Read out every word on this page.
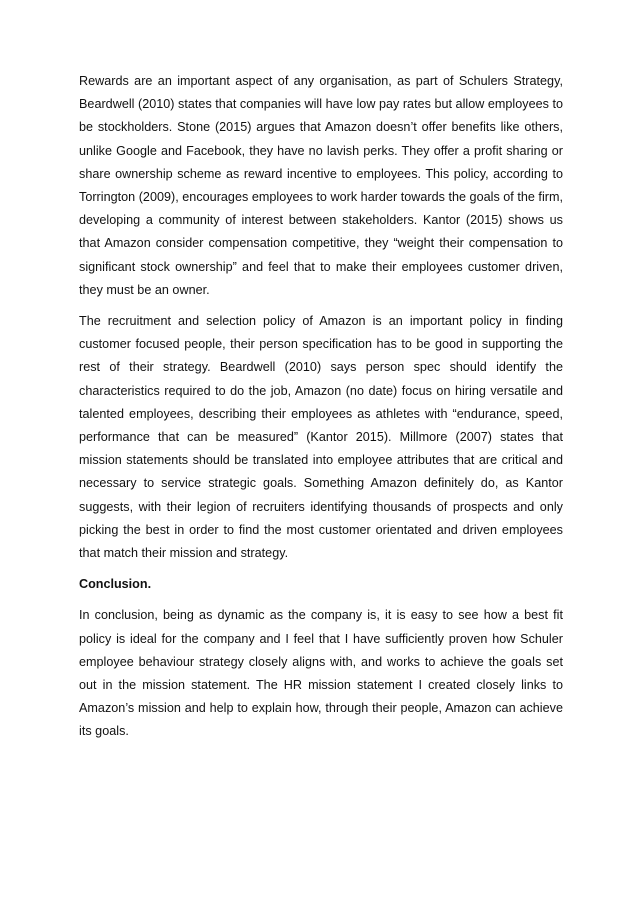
Rewards are an important aspect of any organisation, as part of Schulers Strategy, Beardwell (2010) states that companies will have low pay rates but allow employees to be stockholders. Stone (2015) argues that Amazon doesn’t offer benefits like others, unlike Google and Facebook, they have no lavish perks. They offer a profit sharing or share ownership scheme as reward incentive to employees. This policy, according to Torrington (2009), encourages employees to work harder towards the goals of the firm, developing a community of interest between stakeholders. Kantor (2015) shows us that Amazon consider compensation competitive, they “weight their compensation to significant stock ownership” and feel that to make their employees customer driven, they must be an owner.

The recruitment and selection policy of Amazon is an important policy in finding customer focused people, their person specification has to be good in supporting the rest of their strategy. Beardwell (2010) says person spec should identify the characteristics required to do the job, Amazon (no date) focus on hiring versatile and talented employees, describing their employees as athletes with “endurance, speed, performance that can be measured” (Kantor 2015). Millmore (2007) states that mission statements should be translated into employee attributes that are critical and necessary to service strategic goals. Something Amazon definitely do, as Kantor suggests, with their legion of recruiters identifying thousands of prospects and only picking the best in order to find the most customer orientated and driven employees that match their mission and strategy.

Conclusion.

In conclusion, being as dynamic as the company is, it is easy to see how a best fit policy is ideal for the company and I feel that I have sufficiently proven how Schuler employee behaviour strategy closely aligns with, and works to achieve the goals set out in the mission statement. The HR mission statement I created closely links to Amazon’s mission and help to explain how, through their people, Amazon can achieve its goals.
